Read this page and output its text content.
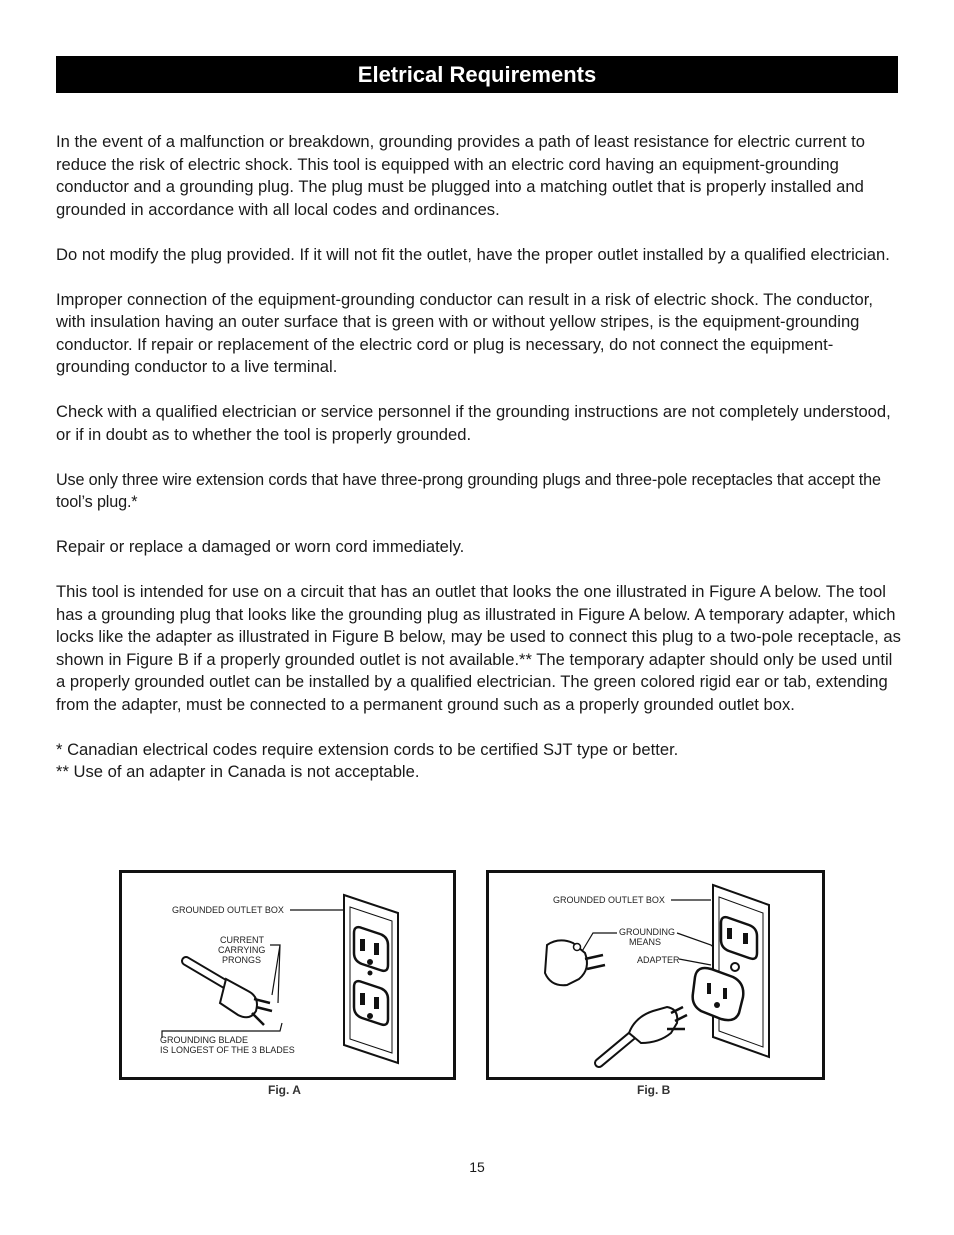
Eletrical Requirements

In the event of a malfunction or breakdown, grounding provides a path of least resistance for electric current to reduce the risk of electric shock. This tool is equipped with an electric cord having an equipment-grounding conductor and a grounding plug. The plug must be plugged into a matching outlet that is properly installed and grounded in accordance with all local codes and ordinances.

Do not modify the plug provided. If it will not fit the outlet, have the proper outlet installed by a qualified electrician.

Improper connection of the equipment-grounding conductor can result in a risk of electric shock. The conductor, with insulation having an outer surface that is green with or without yellow stripes, is the equipment-grounding conductor. If repair or replacement of the electric cord or plug is necessary, do not connect the equipment-grounding conductor to a live terminal.

Check with a qualified electrician or service personnel if the grounding instructions are not completely understood, or if in doubt as to whether the tool is properly grounded.

Use only three wire extension cords that have three-prong grounding plugs and three-pole receptacles that accept the tool’s plug.*

Repair or replace a damaged or worn cord immediately.

This tool is intended for use on a circuit that has an outlet that looks the one illustrated in Figure A below. The tool has a grounding plug that looks like the grounding plug as illustrated in Figure A below. A temporary adapter, which locks like the adapter as illustrated in Figure B below, may be used to connect this plug to a two-pole receptacle, as shown in Figure B if a properly grounded outlet is not available.** The temporary adapter should only be used until a properly grounded outlet can be installed by a qualified electrician. The green colored rigid ear or tab, extending from the adapter, must be connected to a permanent ground such as a properly grounded outlet box.

* Canadian electrical codes require extension cords to be certified SJT type or better.

** Use of an adapter in Canada is not acceptable.

GROUNDED OUTLET BOX
CURRENT
CARRYING
PRONGS
GROUNDING BLADE
IS LONGEST OF THE 3 BLADES
Fig. A
GROUNDED OUTLET BOX
GROUNDING
MEANS
ADAPTER
Fig. B
15
